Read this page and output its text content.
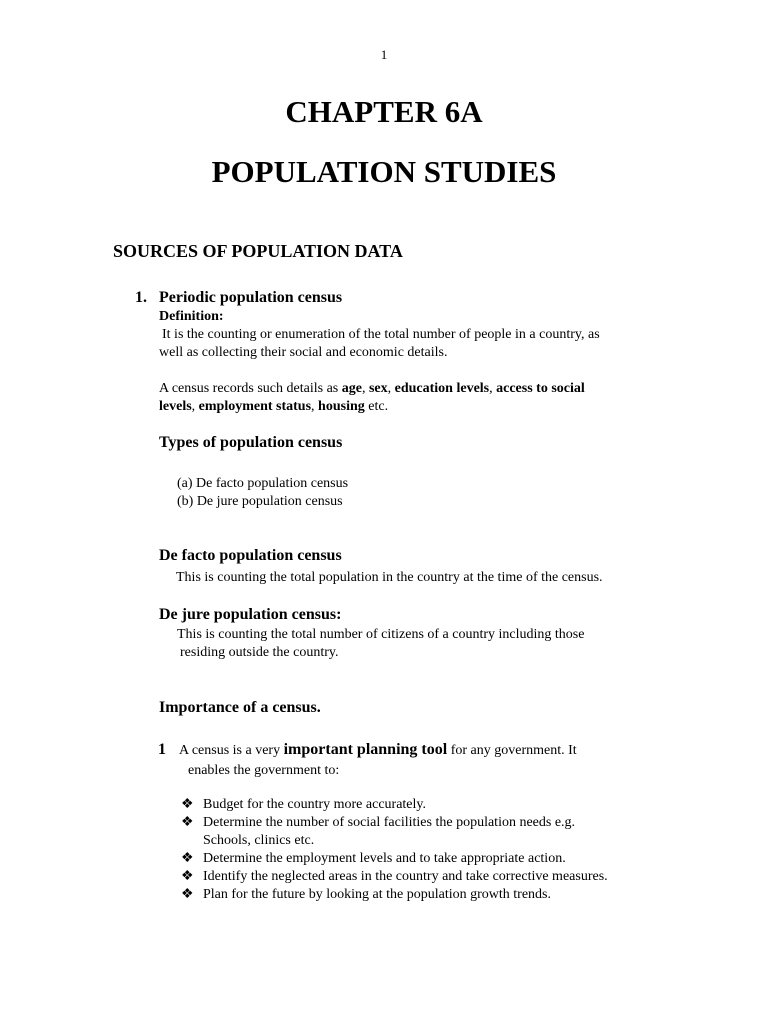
1
CHAPTER 6A
POPULATION STUDIES
SOURCES OF POPULATION DATA
1. Periodic population census
Definition:
It is the counting or enumeration of the total number of people in a country, as
well as collecting their social and economic details.
A census records such details as age, sex, education levels, access to social
levels, employment status, housing etc.
Types of population census
(a) De facto population census
(b) De jure population census
De facto population census
This is counting the total population in the country at the time of the census.
De jure population census:
This is counting the total number of citizens of a country including those
residing outside the country.
Importance of a census.
1 A census is a very important planning tool for any government. It
enables the government to:
❖ Budget for the country more accurately.
❖ Determine the number of social facilities the population needs e.g.
Schools, clinics etc.
❖ Determine the employment levels and to take appropriate action.
❖ Identify the neglected areas in the country and take corrective measures.
❖ Plan for the future by looking at the population growth trends.
